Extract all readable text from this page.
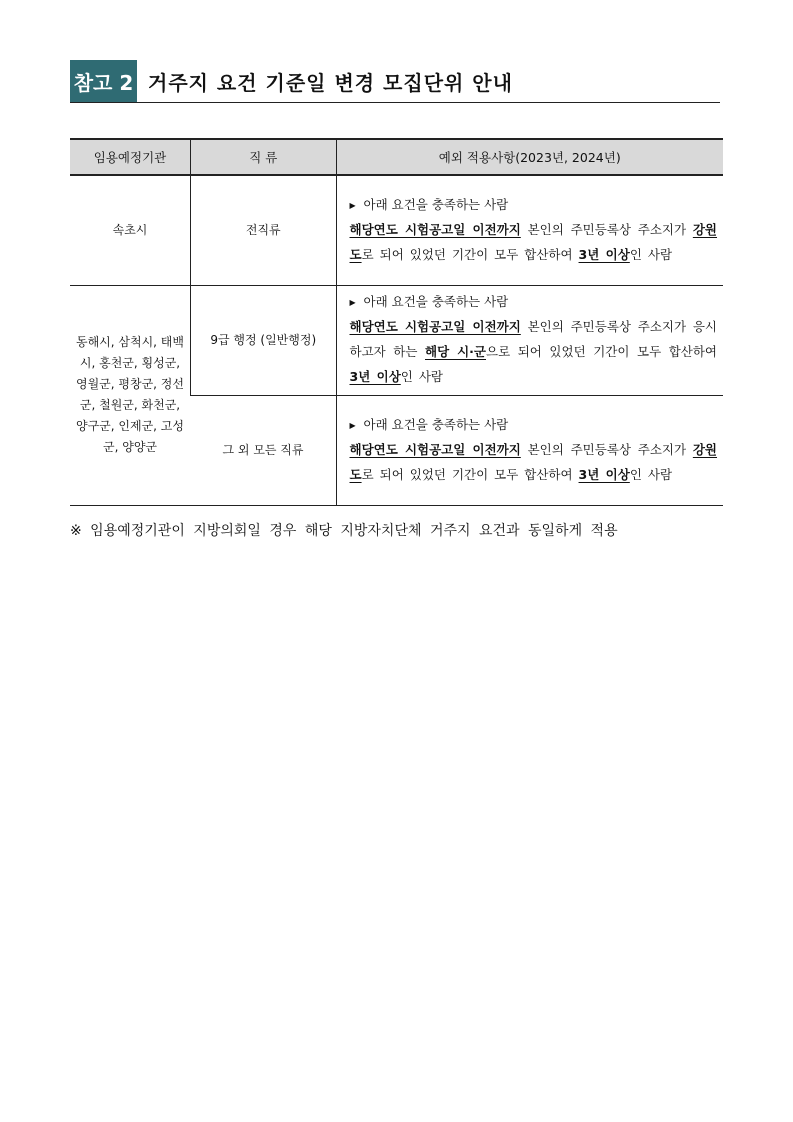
참고 2 거주지 요건 기준일 변경 모집단위 안내
임용예정기관	직 류	예외 적용사항(2023년, 2024년)
속초시	전직류	▶ 아래 요건을 충족하는 사람
해당연도 시험공고일 이전까지 본인의 주민등록상 주소지가 강원도로 되어 있었던 기간이 모두 합산하여 3년 이상인 사람

동해시, 삼척시, 태백시, 홍천군, 횡성군, 영월군, 평창군, 정선군, 철원군, 화천군, 양구군, 인제군, 고성군, 양양군	9급 행정 (일반행정)	▶ 아래 요건을 충족하는 사람
해당연도 시험공고일 이전까지 본인의 주민등록상 주소지가 응시하고자 하는 해당 시·군으로 되어 있었던 기간이 모두 합산하여 3년 이상인 사람

	그 외 모든 직류	▶ 아래 요건을 충족하는 사람
해당연도 시험공고일 이전까지 본인의 주민등록상 주소지가 강원도로 되어 있었던 기간이 모두 합산하여 3년 이상인 사람
※ 임용예정기관이 지방의회일 경우 해당 지방자치단체 거주지 요건과 동일하게 적용
